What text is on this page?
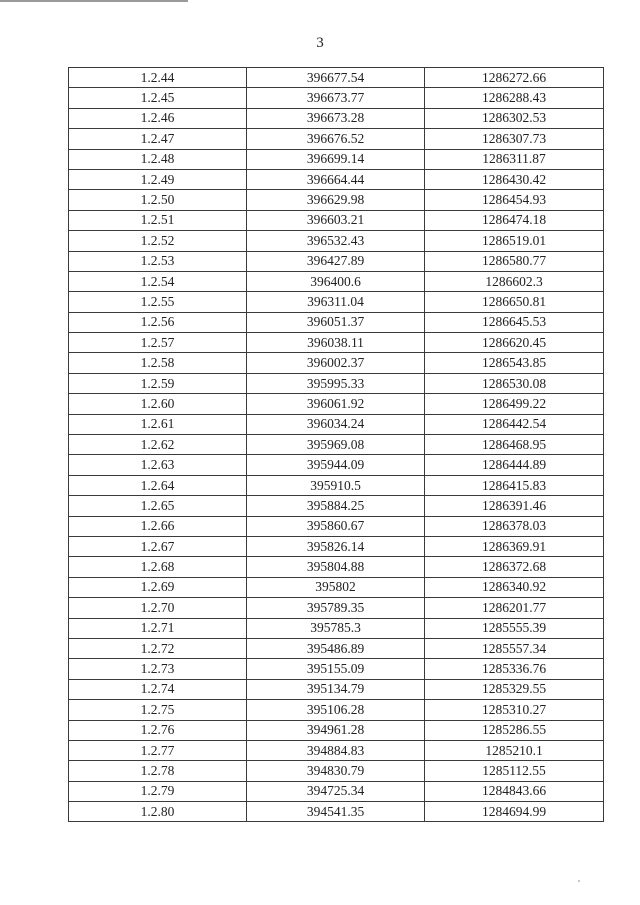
3
1.2.44	396677.54	1286272.66
1.2.45	396673.77	1286288.43
1.2.46	396673.28	1286302.53
1.2.47	396676.52	1286307.73
1.2.48	396699.14	1286311.87
1.2.49	396664.44	1286430.42
1.2.50	396629.98	1286454.93
1.2.51	396603.21	1286474.18
1.2.52	396532.43	1286519.01
1.2.53	396427.89	1286580.77
1.2.54	396400.6	1286602.3
1.2.55	396311.04	1286650.81
1.2.56	396051.37	1286645.53
1.2.57	396038.11	1286620.45
1.2.58	396002.37	1286543.85
1.2.59	395995.33	1286530.08
1.2.60	396061.92	1286499.22
1.2.61	396034.24	1286442.54
1.2.62	395969.08	1286468.95
1.2.63	395944.09	1286444.89
1.2.64	395910.5	1286415.83
1.2.65	395884.25	1286391.46
1.2.66	395860.67	1286378.03
1.2.67	395826.14	1286369.91
1.2.68	395804.88	1286372.68
1.2.69	395802	1286340.92
1.2.70	395789.35	1286201.77
1.2.71	395785.3	1285555.39
1.2.72	395486.89	1285557.34
1.2.73	395155.09	1285336.76
1.2.74	395134.79	1285329.55
1.2.75	395106.28	1285310.27
1.2.76	394961.28	1285286.55
1.2.77	394884.83	1285210.1
1.2.78	394830.79	1285112.55
1.2.79	394725.34	1284843.66
1.2.80	394541.35	1284694.99
